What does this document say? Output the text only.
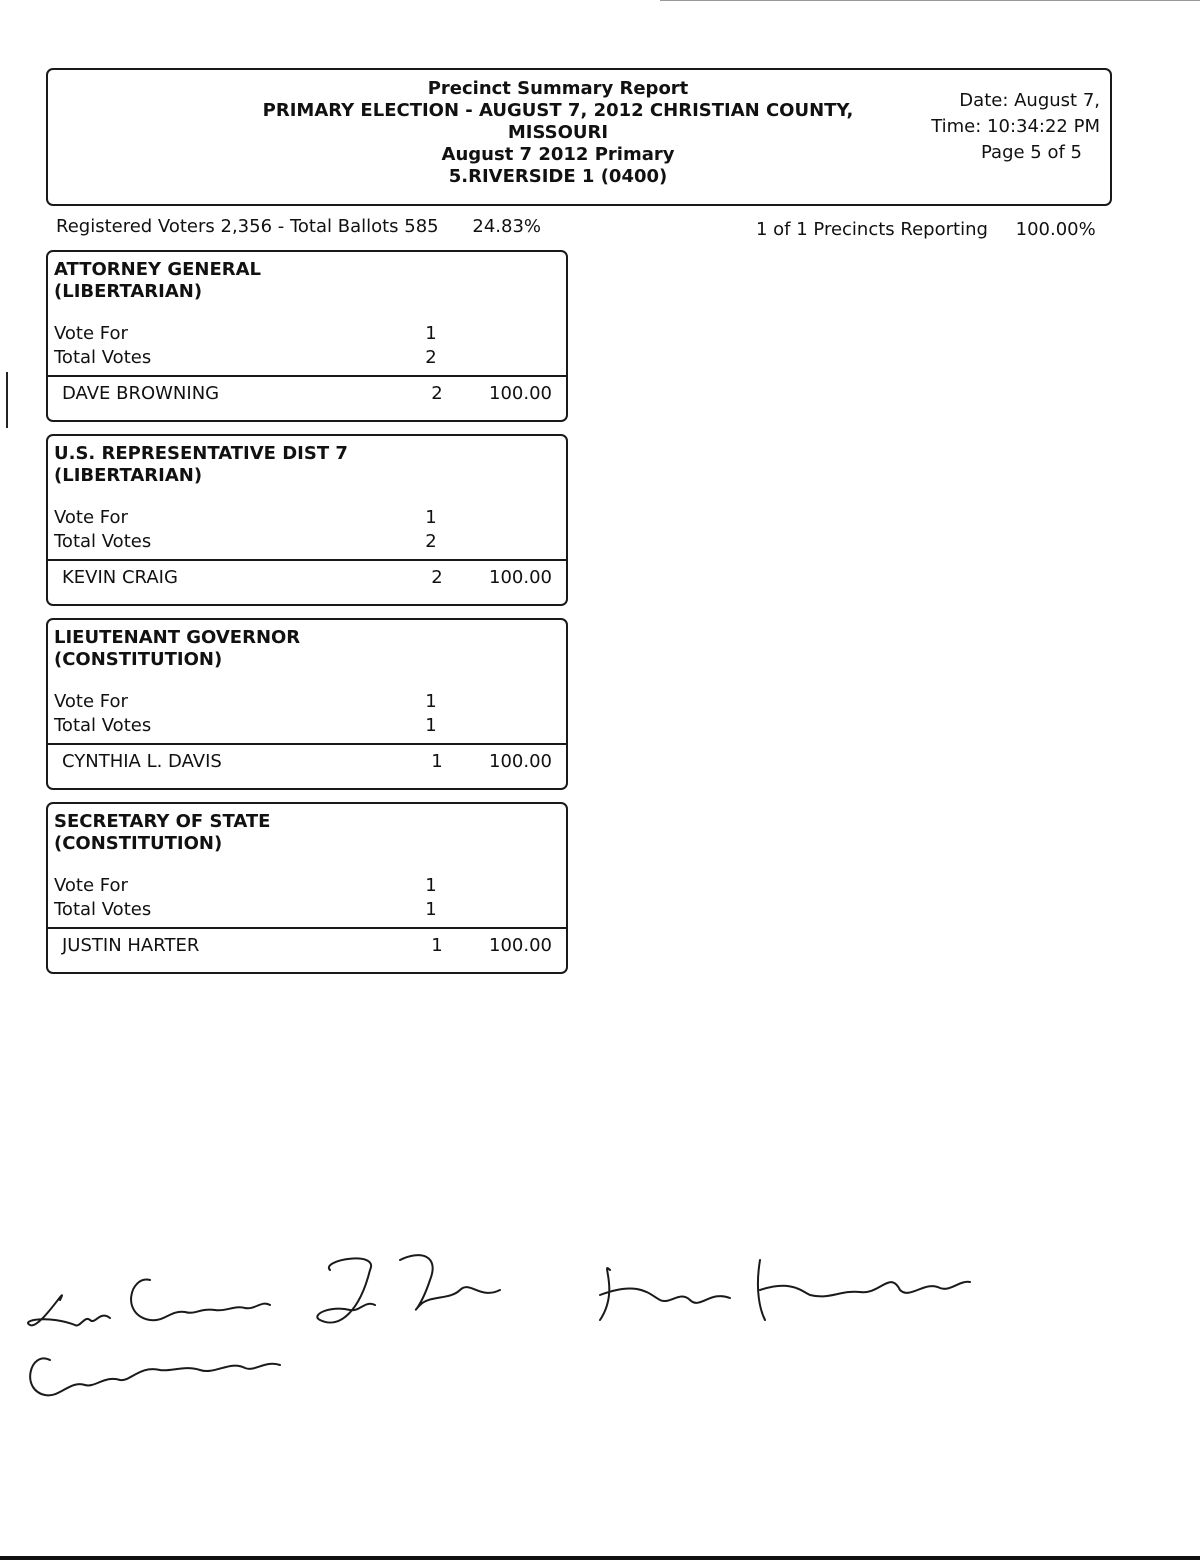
Precinct Summary Report
PRIMARY ELECTION - AUGUST 7, 2012 CHRISTIAN COUNTY,
MISSOURI
August 7 2012 Primary
5.RIVERSIDE 1 (0400)
Date: August 7,
Time: 10:34:22 PM
Page 5 of 5
Registered Voters 2,356 - Total Ballots 585 24.83%	1 of 1 Precincts Reporting 100.00%
ATTORNEY GENERAL
(LIBERTARIAN)
Vote For	1
Total Votes	2
DAVE BROWNING	2	100.00
U.S. REPRESENTATIVE DIST 7
(LIBERTARIAN)
Vote For	1
Total Votes	2
KEVIN CRAIG	2	100.00
LIEUTENANT GOVERNOR
(CONSTITUTION)
Vote For	1
Total Votes	1
CYNTHIA L. DAVIS	1	100.00
SECRETARY OF STATE
(CONSTITUTION)
Vote For	1
Total Votes	1
JUSTIN HARTER	1	100.00
